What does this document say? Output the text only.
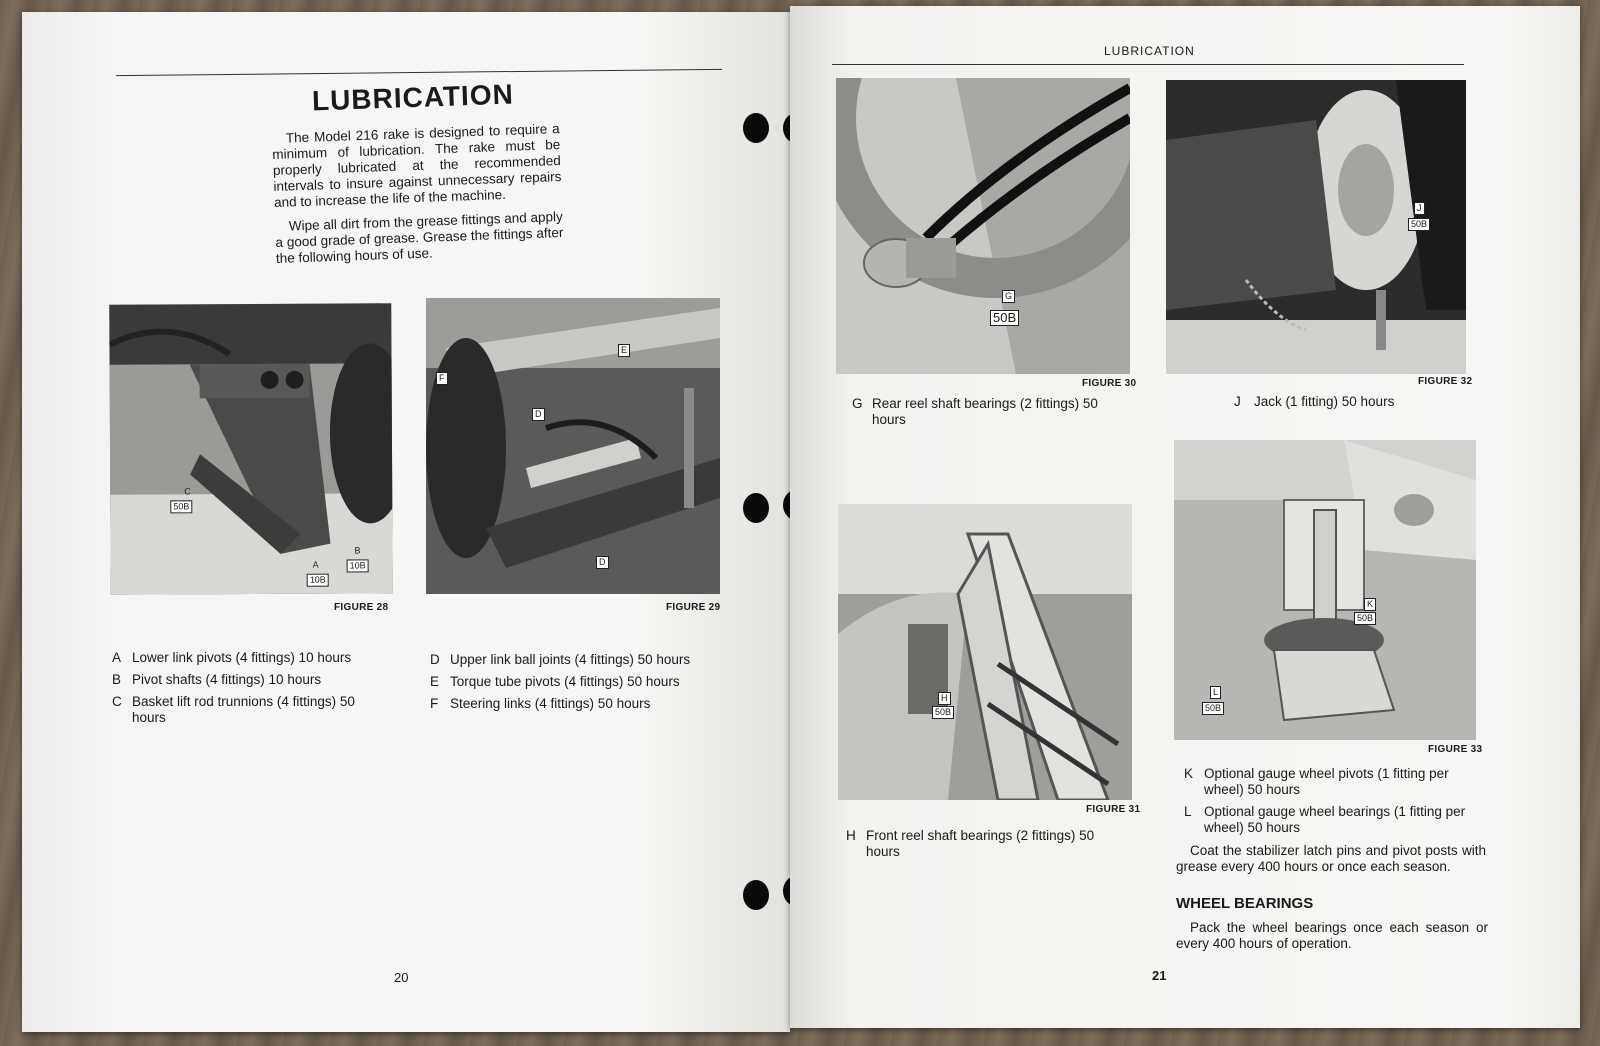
LUBRICATION

The Model 216 rake is designed to require a minimum of lubrication. The rake must be properly lubricated at the recommended intervals to insure against unnecessary repairs and to increase the life of the machine.

Wipe all dirt from the grease fittings and apply a good grade of grease. Grease the fittings after the following hours of use.

50B
C
10B
A	10B
B
FIGURE 28
D
E
F
D
FIGURE 29
A Lower link pivots (4 fittings) 10 hours
B Pivot shafts (4 fittings) 10 hours
C Basket lift rod trunnions (4 fittings) 50 hours
D Upper link ball joints (4 fittings) 50 hours
E Torque tube pivots (4 fittings) 50 hours
F Steering links (4 fittings) 50 hours
20
LUBRICATION
G
50B
FIGURE 30
G Rear reel shaft bearings (2 fittings) 50 hours
H
50B
FIGURE 31
H Front reel shaft bearings (2 fittings) 50 hours
J
50B
FIGURE 32
J Jack (1 fitting) 50 hours
K
50B
L
50B
FIGURE 33
K Optional gauge wheel pivots (1 fitting per wheel) 50 hours
L Optional gauge wheel bearings (1 fitting per wheel) 50 hours
Coat the stabilizer latch pins and pivot posts with grease every 400 hours or once each season.
WHEEL BEARINGS
Pack the wheel bearings once each season or every 400 hours of operation.
21
